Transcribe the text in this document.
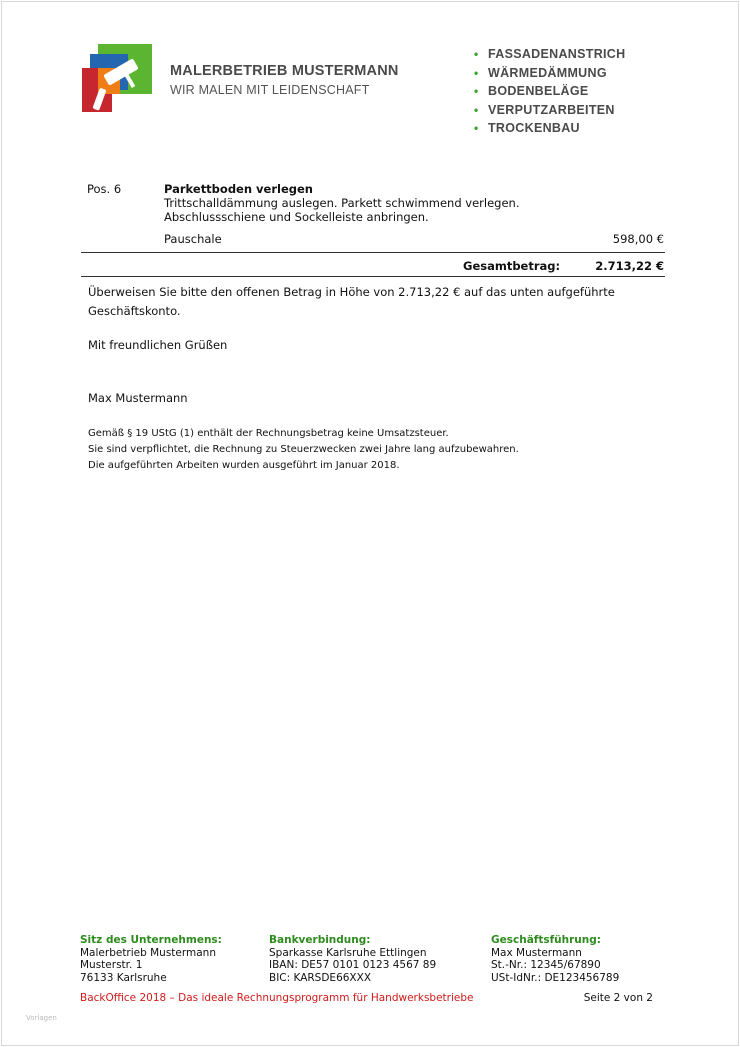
MALERBETRIEB MUSTERMANN
WIR MALEN MIT LEIDENSCHAFT
• FASSADENANSTRICH
• WÄRMEDÄMMUNG
• BODENBELÄGE
• VERPUTZARBEITEN
• TROCKENBAU
Pos. 6	Parkettboden verlegen
Trittschalldämmung auslegen. Parkett schwimmend verlegen.
Abschlussschiene und Sockelleiste anbringen.
Pauschale	598,00 €
Gesamtbetrag:	2.713,22 €
Überweisen Sie bitte den offenen Betrag in Höhe von 2.713,22 € auf das unten aufgeführte Geschäftskonto.
Mit freundlichen Grüßen
Max Mustermann
Gemäß § 19 UStG (1) enthält der Rechnungsbetrag keine Umsatzsteuer.
Sie sind verpflichtet, die Rechnung zu Steuerzwecken zwei Jahre lang aufzubewahren.
Die aufgeführten Arbeiten wurden ausgeführt im Januar 2018.
Sitz des Unternehmens:
Malerbetrieb Mustermann
Musterstr. 1
76133 Karlsruhe
Bankverbindung:
Sparkasse Karlsruhe Ettlingen
IBAN: DE57 0101 0123 4567 89
BIC: KARSDE66XXX
Geschäftsführung:
Max Mustermann
St.-Nr.: 12345/67890
USt-IdNr.: DE123456789
BackOffice 2018 – Das ideale Rechnungsprogramm für Handwerksbetriebe	Seite 2 von 2
Vorlagen
